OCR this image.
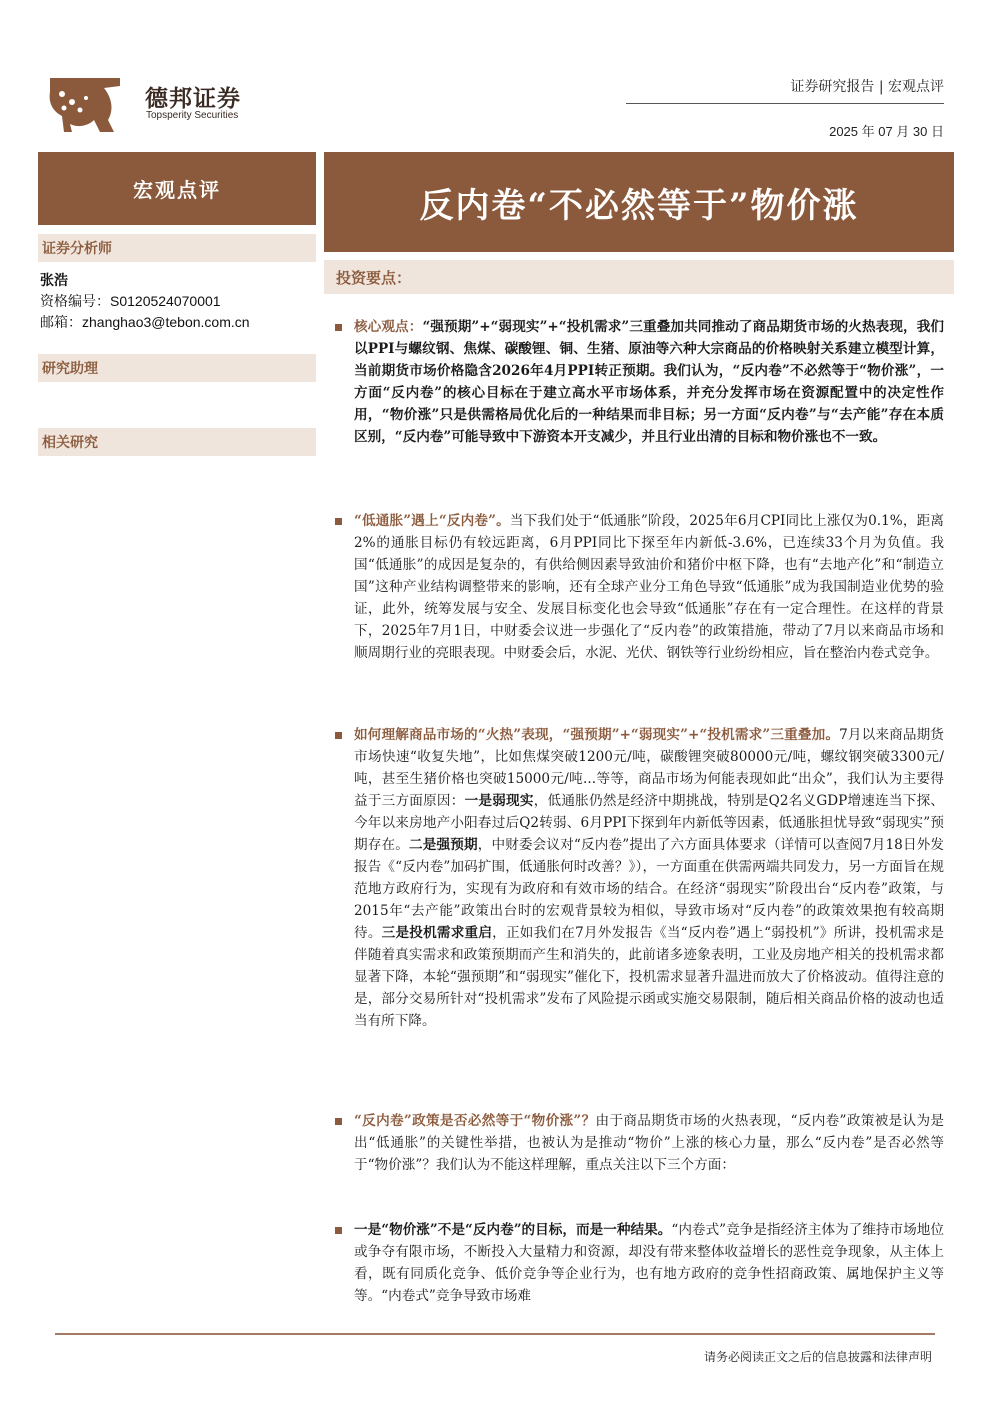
德邦证券
Topsperity Securities
证券研究报告 | 宏观点评
2025 年 07 月 30 日
宏观点评	反内卷“不必然等于”物价涨
证券分析师
张浩
资格编号：S0120524070001
邮箱：zhanghao3@tebon.com.cn
研究助理
相关研究
投资要点：
核心观点：“强预期”+“弱现实”+“投机需求”三重叠加共同推动了商品期货市场的火热表现，我们以PPI与螺纹钢、焦煤、碳酸锂、铜、生猪、原油等六种大宗商品的价格映射关系建立模型计算，当前期货市场价格隐含2026年4月PPI转正预期。我们认为，“反内卷”不必然等于“物价涨”，一方面“反内卷”的核心目标在于建立高水平市场体系，并充分发挥市场在资源配置中的决定性作用，“物价涨”只是供需格局优化后的一种结果而非目标；另一方面“反内卷”与“去产能”存在本质区别，“反内卷”可能导致中下游资本开支减少，并且行业出清的目标和物价涨也不一致。
“低通胀”遇上“反内卷”。当下我们处于“低通胀”阶段，2025年6月CPI同比上涨仅为0.1%，距离2%的通胀目标仍有较远距离，6月PPI同比下探至年内新低-3.6%，已连续33个月为负值。我国“低通胀”的成因是复杂的，有供给侧因素导致油价和猪价中枢下降，也有“去地产化”和“制造立国”这种产业结构调整带来的影响，还有全球产业分工角色导致“低通胀”成为我国制造业优势的验证，此外，统筹发展与安全、发展目标变化也会导致“低通胀”存在有一定合理性。在这样的背景下，2025年7月1日，中财委会议进一步强化了“反内卷”的政策措施，带动了7月以来商品市场和顺周期行业的亮眼表现。中财委会后，水泥、光伏、钢铁等行业纷纷相应，旨在整治内卷式竞争。
如何理解商品市场的“火热”表现，“强预期”+“弱现实”+“投机需求”三重叠加。7月以来商品期货市场快速“收复失地”，比如焦煤突破1200元/吨，碳酸锂突破80000元/吨，螺纹钢突破3300元/吨，甚至生猪价格也突破15000元/吨...等等，商品市场为何能表现如此“出众”，我们认为主要得益于三方面原因：一是弱现实，低通胀仍然是经济中期挑战，特别是Q2名义GDP增速连当下探、今年以来房地产小阳春过后Q2转弱、6月PPI下探到年内新低等因素，低通胀担忧导致“弱现实”预期存在。二是强预期，中财委会议对“反内卷”提出了六方面具体要求（详情可以查阅7月18日外发报告《“反内卷”加码扩围，低通胀何时改善？》），一方面重在供需两端共同发力，另一方面旨在规范地方政府行为，实现有为政府和有效市场的结合。在经济“弱现实”阶段出台“反内卷”政策，与2015年“去产能”政策出台时的宏观背景较为相似，导致市场对“反内卷”的政策效果抱有较高期待。三是投机需求重启，正如我们在7月外发报告《当“反内卷”遇上“弱投机”》所讲，投机需求是伴随着真实需求和政策预期而产生和消失的，此前诸多迹象表明，工业及房地产相关的投机需求都显著下降，本轮“强预期”和“弱现实”催化下，投机需求显著升温进而放大了价格波动。值得注意的是，部分交易所针对“投机需求”发布了风险提示函或实施交易限制，随后相关商品价格的波动也适当有所下降。
“反内卷”政策是否必然等于“物价涨”？由于商品期货市场的火热表现，“反内卷”政策被是认为是出“低通胀”的关键性举措，也被认为是推动“物价”上涨的核心力量，那么“反内卷”是否必然等于“物价涨”？我们认为不能这样理解，重点关注以下三个方面：
一是“物价涨”不是“反内卷”的目标，而是一种结果。“内卷式”竞争是指经济主体为了维持市场地位或争夺有限市场，不断投入大量精力和资源，却没有带来整体收益增长的恶性竞争现象，从主体上看，既有同质化竞争、低价竞争等企业行为，也有地方政府的竞争性招商政策、属地保护主义等等。“内卷式”竞争导致市场难
请务必阅读正文之后的信息披露和法律声明
